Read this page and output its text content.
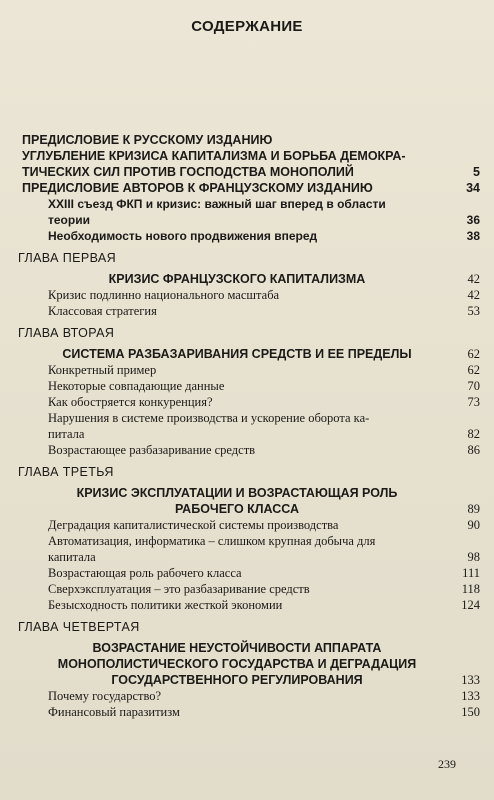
СОДЕРЖАНИЕ
ПРЕДИСЛОВИЕ К РУССКОМУ ИЗДАНИЮ
УГЛУБЛЕНИЕ КРИЗИСА КАПИТАЛИЗМА И БОРЬБА ДЕМОКРА-
ТИЧЕСКИХ СИЛ ПРОТИВ ГОСПОДСТВА МОНОПОЛИЙ	5
ПРЕДИСЛОВИЕ АВТОРОВ К ФРАНЦУЗСКОМУ ИЗДАНИЮ	34
XXIII съезд ФКП и кризис: важный шаг вперед в области
теории	36
Необходимость нового продвижения вперед	38
ГЛАВА ПЕРВАЯ
КРИЗИС ФРАНЦУЗСКОГО КАПИТАЛИЗМА	42
Кризис подлинно национального масштаба	42
Классовая стратегия	53
ГЛАВА ВТОРАЯ
СИСТЕМА РАЗБАЗАРИВАНИЯ СРЕДСТВ И ЕЕ ПРЕДЕЛЫ	62
Конкретный пример	62
Некоторые совпадающие данные	70
Как обостряется конкуренция?	73
Нарушения в системе производства и ускорение оборота ка-
питала	82
Возрастающее разбазаривание средств	86
ГЛАВА ТРЕТЬЯ
КРИЗИС ЭКСПЛУАТАЦИИ И ВОЗРАСТАЮЩАЯ РОЛЬ
РАБОЧЕГО КЛАССА	89
Деградация капиталистической системы производства	90
Автоматизация, информатика – слишком крупная добыча для
капитала	98
Возрастающая роль рабочего класса	111
Сверхэксплуатация – это разбазаривание средств	118
Безысходность политики жесткой экономии	124
ГЛАВА ЧЕТВЕРТАЯ
ВОЗРАСТАНИЕ НЕУСТОЙЧИВОСТИ АППАРАТА
МОНОПОЛИСТИЧЕСКОГО ГОСУДАРСТВА И ДЕГРАДАЦИЯ
ГОСУДАРСТВЕННОГО РЕГУЛИРОВАНИЯ	133
Почему государство?	133
Финансовый паразитизм	150
239
